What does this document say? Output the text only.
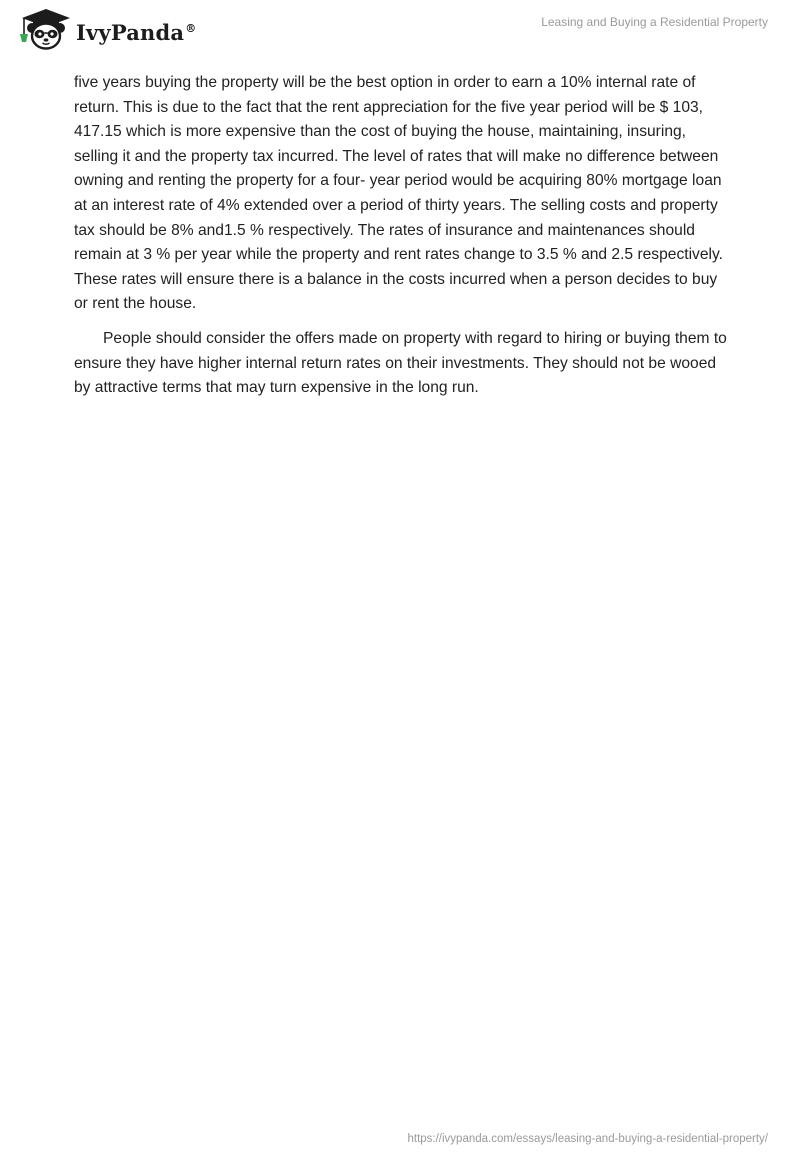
IvyPanda®	Leasing and Buying a Residential Property

five years buying the property will be the best option in order to earn a 10% internal rate of return. This is due to the fact that the rent appreciation for the five year period will be $ 103, 417.15 which is more expensive than the cost of buying the house, maintaining, insuring, selling it and the property tax incurred. The level of rates that will make no difference between owning and renting the property for a four- year period would be acquiring 80% mortgage loan at an interest rate of 4% extended over a period of thirty years. The selling costs and property tax should be 8% and1.5 % respectively. The rates of insurance and maintenances should remain at 3 % per year while the property and rent rates change to 3.5 % and 2.5 respectively. These rates will ensure there is a balance in the costs incurred when a person decides to buy or rent the house.

People should consider the offers made on property with regard to hiring or buying them to ensure they have higher internal return rates on their investments. They should not be wooed by attractive terms that may turn expensive in the long run.

https://ivypanda.com/essays/leasing-and-buying-a-residential-property/
